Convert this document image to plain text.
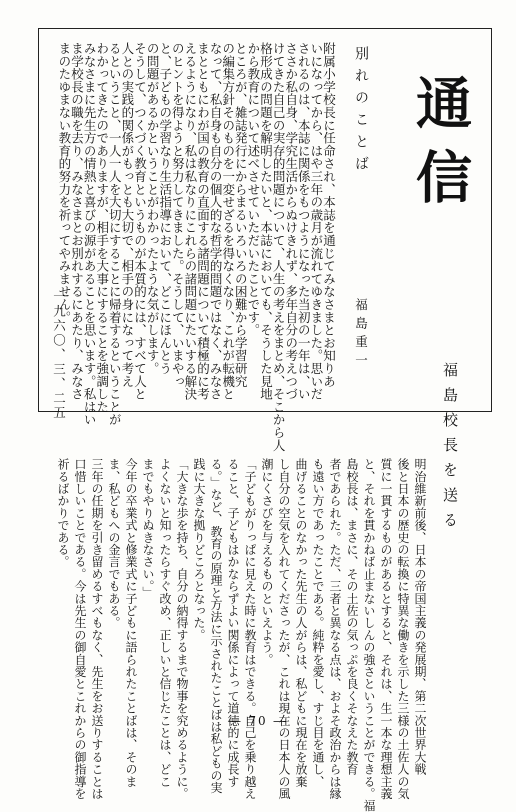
通信
別れのことば
福島重一
附属小学校長に任命され、本誌を通じてみなさまとお知りあ
いになってから、はや三年の歳月が流れてゆきました。思いだ
されるのは、本誌に関係をもつようになった当初の一年は、い
ささか私自身、学究生活からぬけきれず、多年自分の考えつづ
けてきた自己の実存的問題について、人生の考えをまとめ、そこから人
格形成の問題を解明したいと、本誌においても、そうした見地
から教育について述べさせていただいたことです。
ところが、雑誌発行にからまるいろいろの困難から学習研究
の編集方針そのものを一変せざるを得なくなり、これが転機と
なって、私自身も自分の個人的な哲学的問題ではなく、みなさ
まとともにわが国の教育の直面する諸問題について積極的に考
えるようになり、私は私なりにこれらの諸問題にたいする解決
のヒントを得ようと努力してきました。そうして、いまやっ
と、子どもの学習なり生活指導において、どこにほんとう
の問題があるかということがわかったような気がします。
そうして、つくづく教育というものが本質的には、すべて人と
人との実践的関係がもっとも大切で、相手の身になって考え
るということ、一人一人を大切にすることに帰着するということが
わかってきたのでありますが、相手を大事にすることを強調した
みなさまに先生方の情熱と喜びの源があることを思います。私はい
ま学校長の職を去り、みなさまとお別れするにあたり、みなさ
まのたゆまない教育的努力を祈ってやみません。
一九六〇、三、二五
福島校長を送る
明治維新前後、日本の帝国主義の発展期、第二次世界大戦
後と日本の歴史の転換に特異な働きを示した三様の土佐人の気
質に一貫するものがあるとすると、それは、生一本な理想主義
と、それを貫かねば止まないしんの強さということができる。福
島校長は、まさに、その土佐の気っぷを良くそなえた教育
者であられた。ただ、三者と異なる点は、およそ政治からは縁
も遠い方であったことである。純粋を愛し、すじ目を通し、
曲げることのなかった先生の人がらは、私どもに現在を放棄
し自分の空気を入れてくださったが、これは現在の日本人の風
潮にくさびを与えるものといえよう。
「子どもがりっぱに見えた時に教育はできる。自己を乗り越え
ること、子どもはかならずよい関係によって道徳的に成長す
る。」など、教育の原理と方法に示されたことばは私どもの実
践に大きな拠りどころとなった。
「大きな歩を持ち、自分の納得するまで物事を究めるように。
よくないと知ったらすぐ改め、正しいと信じたことは、どこ
までもやりぬきなさい。」
今年の卒業式と修業式に子どもに語られたことばは、そのま
ま、私どもへの金言でもある。
三年の任期を引き留めるすべもなく、先生をお送りすることは
口惜しいことである。今は先生の御自愛とこれからの御指導を
祈るばかりである。
― 70 ―
